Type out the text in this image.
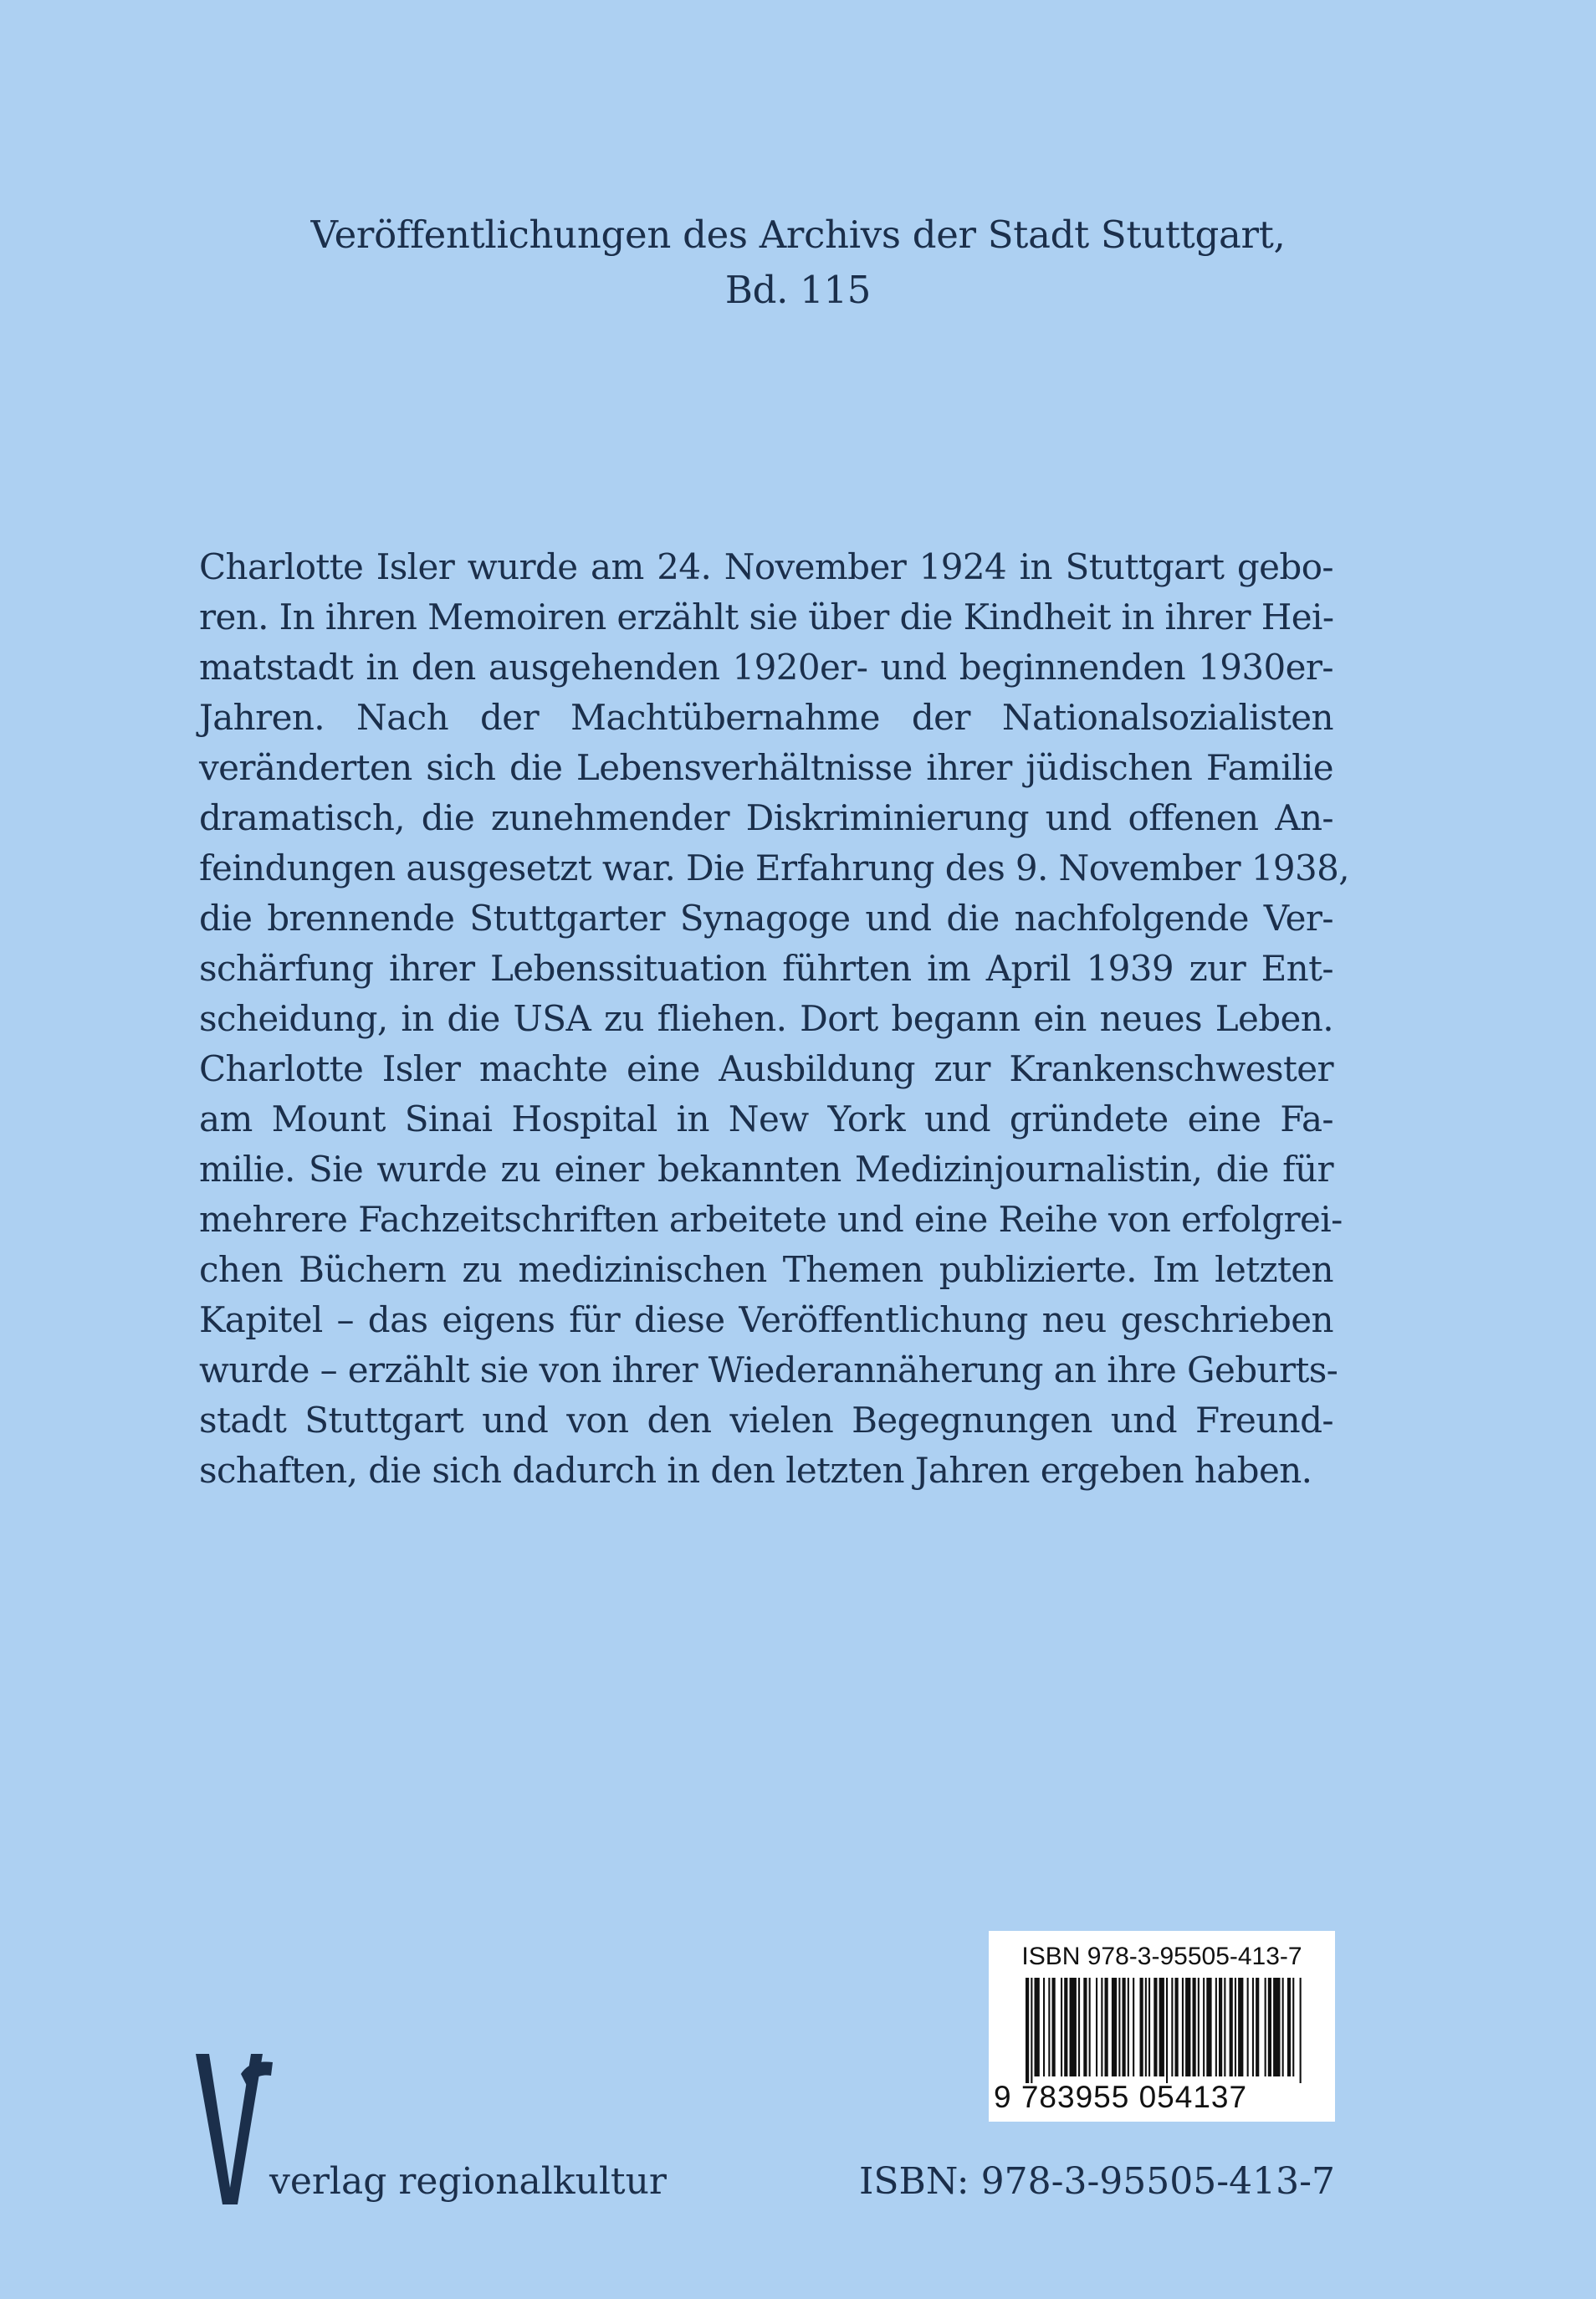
Veröffentlichungen des Archivs der Stadt Stuttgart,
Bd. 115
Charlotte Isler wurde am 24. November 1924 in Stuttgart gebo-
ren. In ihren Memoiren erzählt sie über die Kindheit in ihrer Hei-
matstadt in den ausgehenden 1920er- und beginnenden 1930er-
Jahren. Nach der Machtübernahme der Nationalsozialisten
veränderten sich die Lebensverhältnisse ihrer jüdischen Familie
dramatisch, die zunehmender Diskriminierung und offenen An-
feindungen ausgesetzt war. Die Erfahrung des 9. November 1938,
die brennende Stuttgarter Synagoge und die nachfolgende Ver-
schärfung ihrer Lebenssituation führten im April 1939 zur Ent-
scheidung, in die USA zu fliehen. Dort begann ein neues Leben.
Charlotte Isler machte eine Ausbildung zur Krankenschwester
am Mount Sinai Hospital in New York und gründete eine Fa-
milie. Sie wurde zu einer bekannten Medizinjournalistin, die für
mehrere Fachzeitschriften arbeitete und eine Reihe von erfolgrei-
chen Büchern zu medizinischen Themen publizierte. Im letzten
Kapitel – das eigens für diese Veröffentlichung neu geschrieben
wurde – erzählt sie von ihrer Wiederannäherung an ihre Geburts-
stadt Stuttgart und von den vielen Begegnungen und Freund-
schaften, die sich dadurch in den letzten Jahren ergeben haben.
ISBN 978-3-95505-413-7
9 783955 054137
verlag regionalkultur	ISBN: 978-3-95505-413-7
